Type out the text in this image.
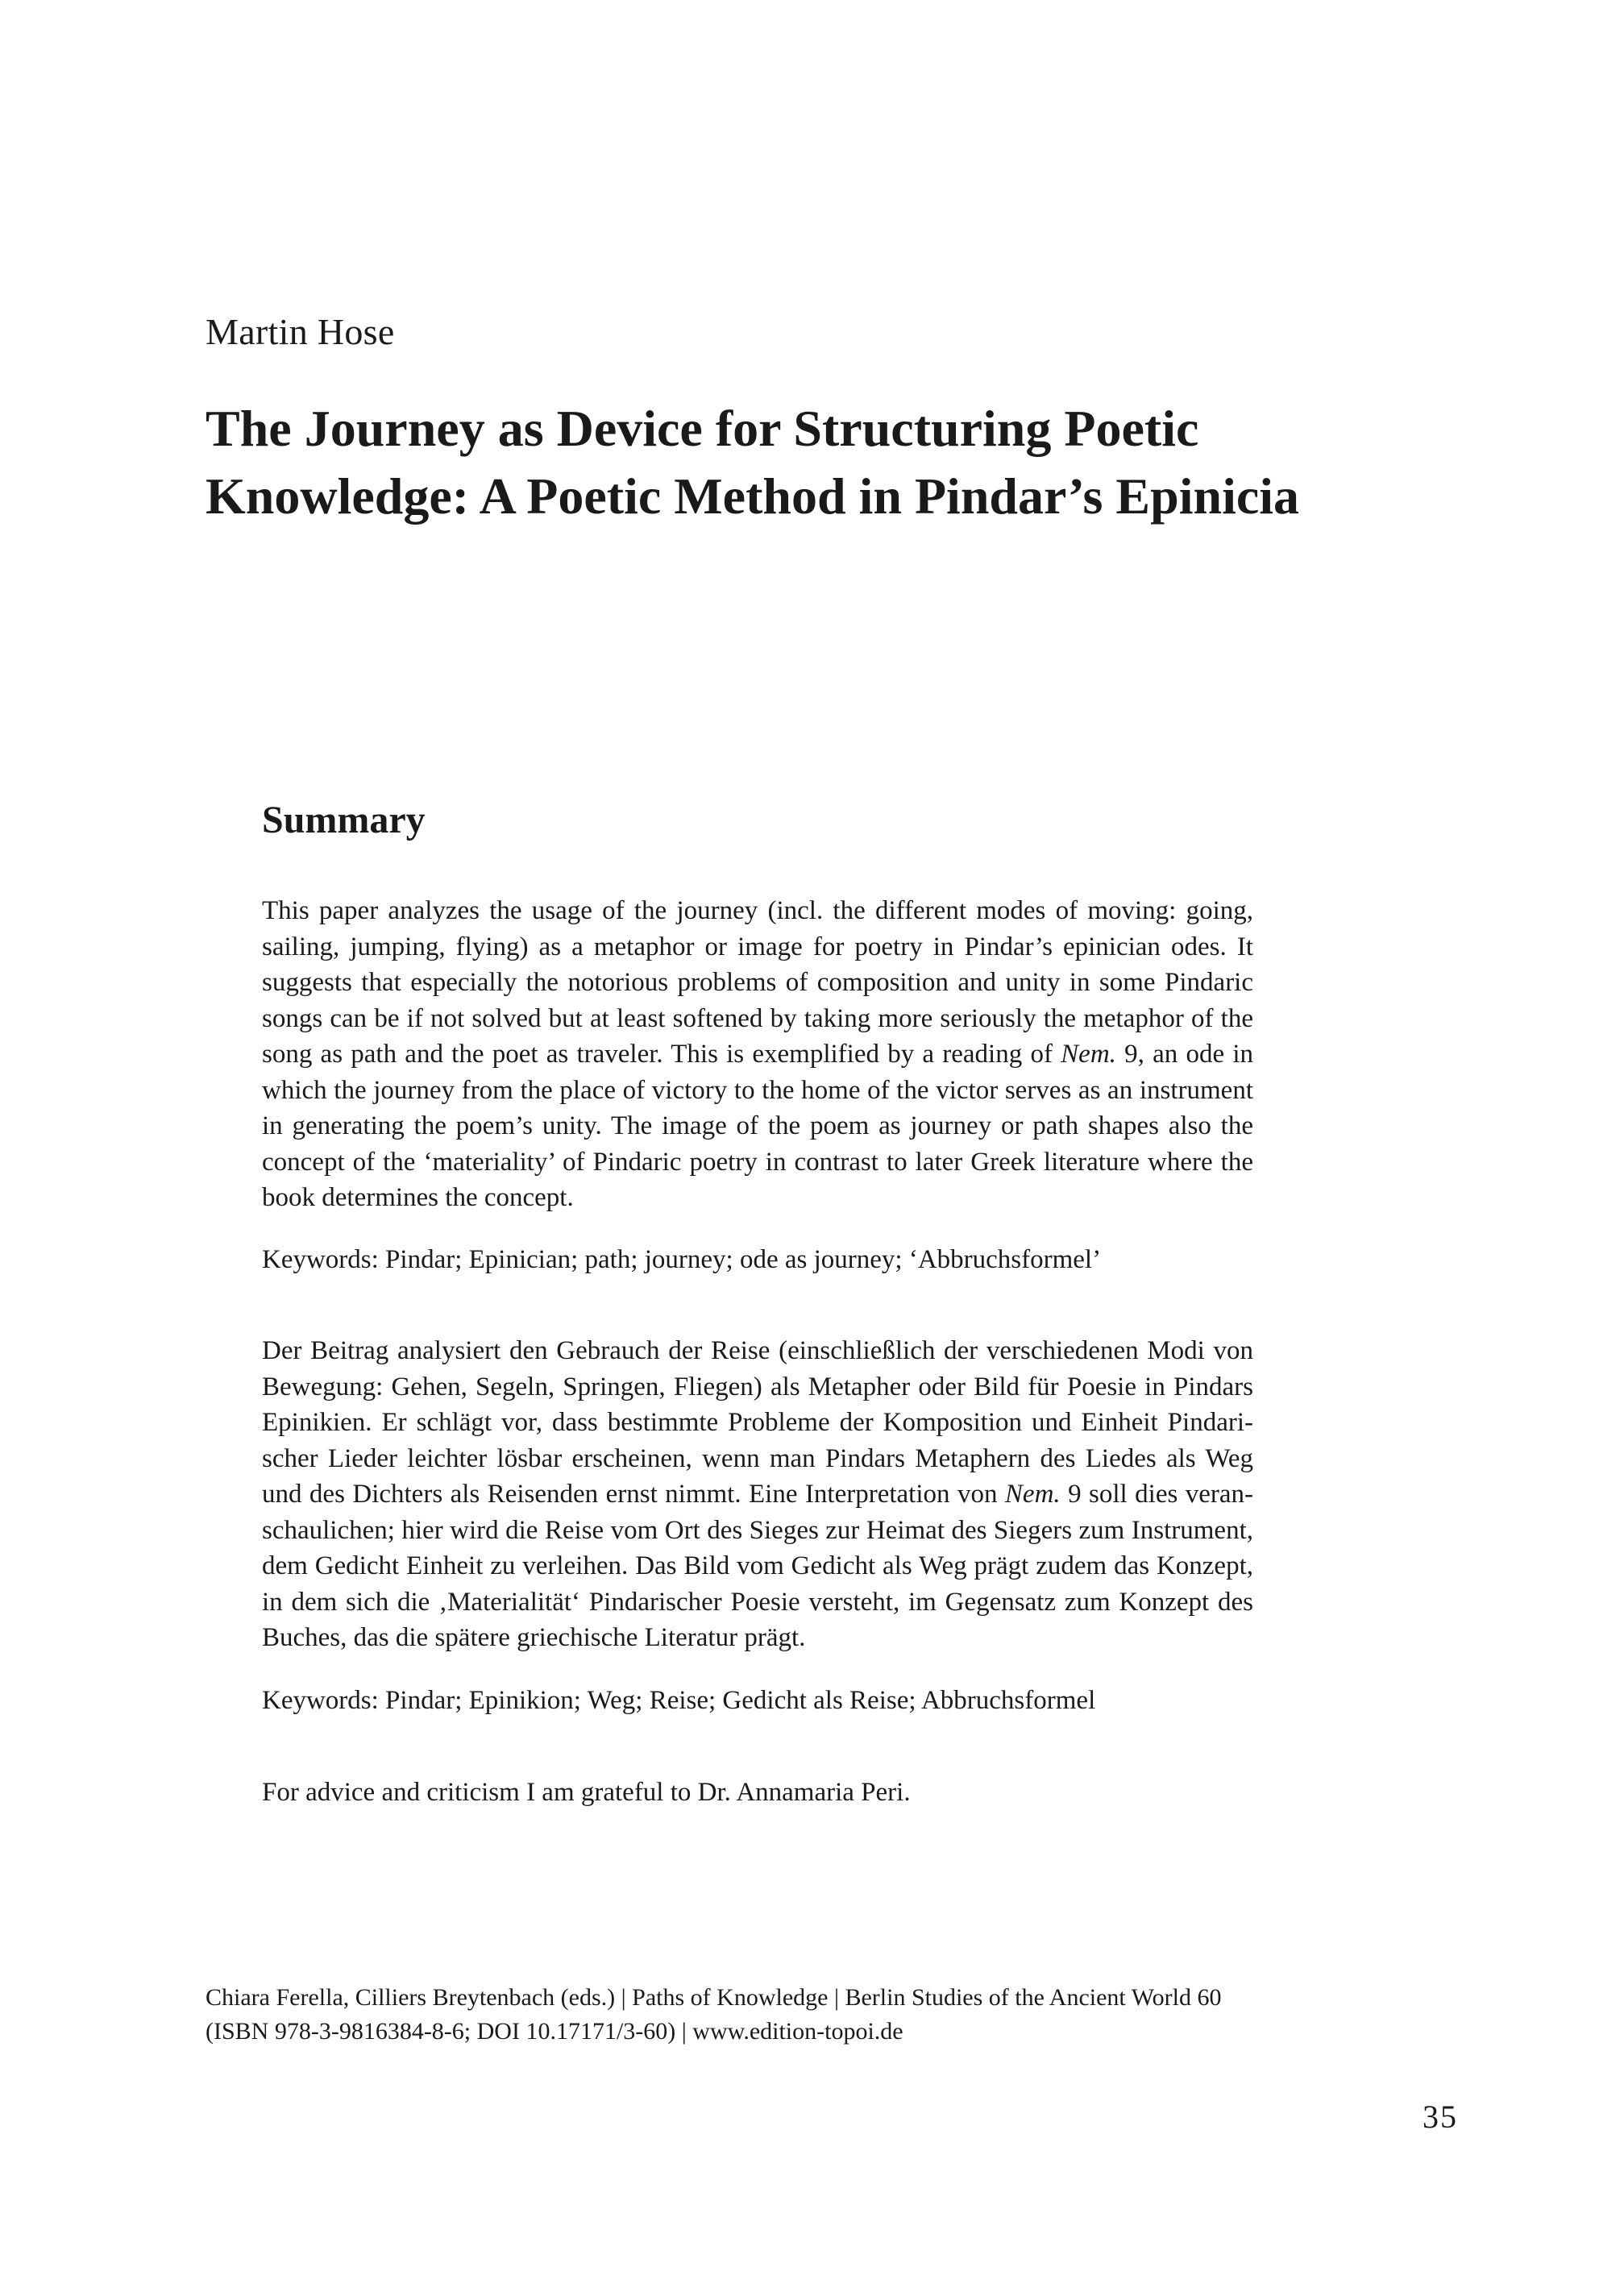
Martin Hose
The Journey as Device for Structuring Poetic
Knowledge: A Poetic Method in Pindar’s Epinicia
Summary
This paper analyzes the usage of the journey (incl. the different modes of moving: going,
sailing, jumping, flying) as a metaphor or image for poetry in Pindar’s epinician odes. It
suggests that especially the notorious problems of composition and unity in some Pindaric
songs can be if not solved but at least softened by taking more seriously the metaphor of the
song as path and the poet as traveler. This is exemplified by a reading of Nem. 9, an ode in
which the journey from the place of victory to the home of the victor serves as an instrument
in generating the poem’s unity. The image of the poem as journey or path shapes also the
concept of the ‘materiality’ of Pindaric poetry in contrast to later Greek literature where the
book determines the concept.

Keywords: Pindar; Epinician; path; journey; ode as journey; ‘Abbruchsformel’

Der Beitrag analysiert den Gebrauch der Reise (einschließlich der verschiedenen Modi von
Bewegung: Gehen, Segeln, Springen, Fliegen) als Metapher oder Bild für Poesie in Pindars
Epinikien. Er schlägt vor, dass bestimmte Probleme der Komposition und Einheit Pindari-
scher Lieder leichter lösbar erscheinen, wenn man Pindars Metaphern des Liedes als Weg
und des Dichters als Reisenden ernst nimmt. Eine Interpretation von Nem. 9 soll dies veran-
schaulichen; hier wird die Reise vom Ort des Sieges zur Heimat des Siegers zum Instrument,
dem Gedicht Einheit zu verleihen. Das Bild vom Gedicht als Weg prägt zudem das Konzept,
in dem sich die ‚Materialität‘ Pindarischer Poesie versteht, im Gegensatz zum Konzept des
Buches, das die spätere griechische Literatur prägt.

Keywords: Pindar; Epinikion; Weg; Reise; Gedicht als Reise; Abbruchsformel

For advice and criticism I am grateful to Dr. Annamaria Peri.

Chiara Ferella, Cilliers Breytenbach (eds.) | Paths of Knowledge | Berlin Studies of the Ancient World 60
(ISBN 978-3-9816384-8-6; DOI 10.17171/3-60) | www.edition-topoi.de

35
